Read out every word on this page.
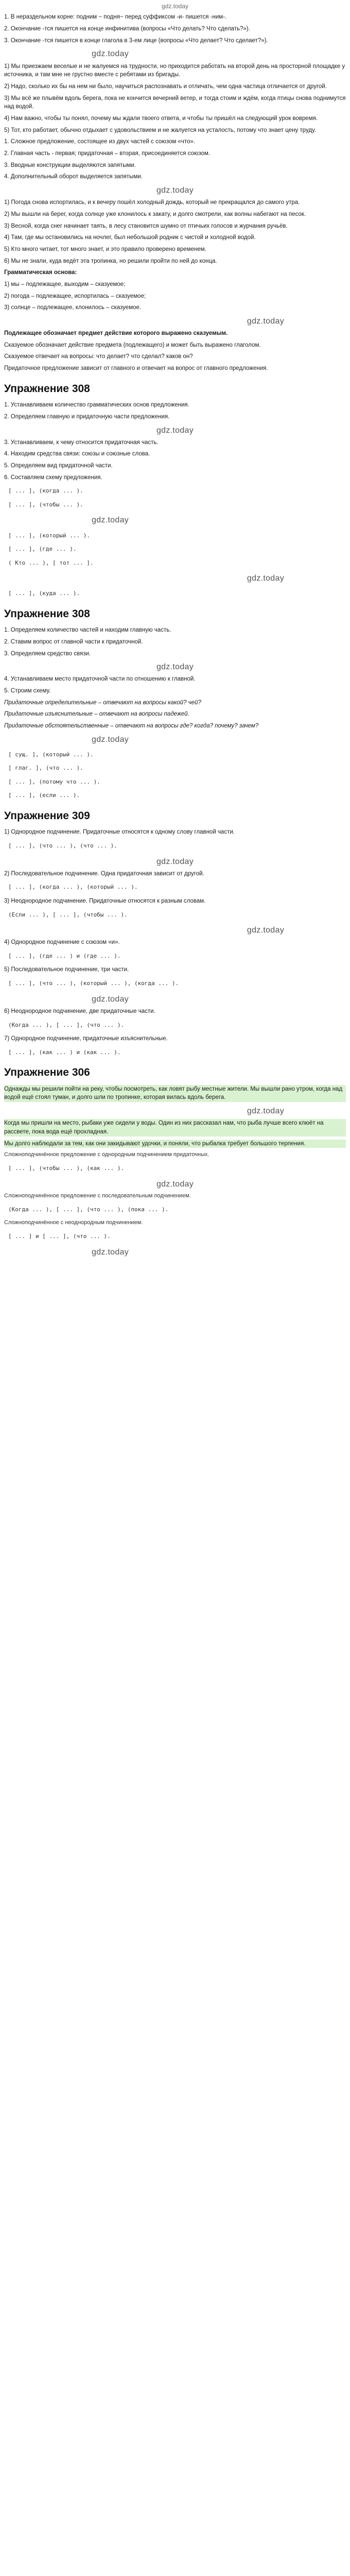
gdz.today

1. В нераздельном корне: подним − подня− перед суффиксом -и- пишется -ним-.

2. Окончание -тся пишется на конце инфинитива (вопросы «Что делать? Что сделать?»).

3. Окончание -тся пишется в конце глагола в 3-ем лице (вопросы «Что делает? Что сделает?»).

gdz.today

1) Мы приезжаем веселые и не жалуемся на трудности, но приходится работать на второй день на просторной площадке у источника, и там мне не грустно вместе с ребятами из бригады.

2) Надо, сколько их бы на нем ни было, научиться распознавать и отличать, чем одна частица отличается от другой.

3) Мы всё же плывём вдоль берега, пока не кончится вечерний ветер, и тогда стоим и ждём, когда птицы снова поднимутся над водой.

4) Нам важно, чтобы ты понял, почему мы ждали твоего ответа, и чтобы ты пришёл на следующий урок вовремя.

5) Тот, кто работает, обычно отдыхает с удовольствием и не жалуется на усталость, потому что знает цену труду.

1. Сложное предложение, состоящее из двух частей с союзом «что».

2. Главная часть - первая; придаточная – вторая, присоединяется союзом.

3. Вводные конструкции выделяются запятыми.

4. Дополнительный оборот выделяется запятыми.

gdz.today

1) Погода снова испортилась, и к вечеру пошёл холодный дождь, который не прекращался до самого утра.

2) Мы вышли на берег, когда солнце уже клонилось к закату, и долго смотрели, как волны набегают на песок.

3) Весной, когда снег начинает таять, в лесу становится шумно от птичьих голосов и журчания ручьёв.

4) Там, где мы остановились на ночлег, был небольшой родник с чистой и холодной водой.

5) Кто много читает, тот много знает, и это правило проверено временем.

6) Мы не знали, куда ведёт эта тропинка, но решили пройти по ней до конца.

Грамматическая основа:

1) мы – подлежащее, выходим – сказуемое;

2) погода – подлежащее, испортилась – сказуемое;

3) солнце – подлежащее, клонилось – сказуемое.

gdz.today

Подлежащее обозначает предмет действие которого выражено сказуемым.

Сказуемое обозначает действие предмета (подлежащего) и может быть выражено глаголом.

Сказуемое отвечает на вопросы: что делает? что сделал? каков он?

Придаточное предложение зависит от главного и отвечает на вопрос от главного предложения.

Упражнение 308

1. Устанавливаем количество грамматических основ предложения.

2. Определяем главную и придаточную части предложения.

gdz.today

3. Устанавливаем, к чему относится придаточная часть.

4. Находим средства связи: союзы и союзные слова.

5. Определяем вид придаточной части.

6. Составляем схему предложения.

[ ... ], (когда ... ).
[ ... ], (чтобы ... ).
gdz.today
[ ... ], (который ... ).
[ ... ], (где ... ).
( Кто ... ), [ тот ... ].
gdz.today
[ ... ], (куда ... ).
Упражнение 308

1. Определяем количество частей и находим главную часть.

2. Ставим вопрос от главной части к придаточной.

3. Определяем средство связи.

gdz.today

4. Устанавливаем место придаточной части по отношению к главной.

5. Строим схему.

Придаточные определительные – отвечают на вопросы какой? чей?

Придаточные изъяснительные – отвечают на вопросы падежей.

Придаточные обстоятельственные – отвечают на вопросы где? когда? почему? зачем?

gdz.today
[ сущ. ], (который ... ).
[ глаг. ], (что ... ).
[ ... ], (потому что ... ).
[ ... ], (если ... ).
Упражнение 309

1) Однородное подчинение. Придаточные относятся к одному слову главной части.

[ ... ], (что ... ), (что ... ).
gdz.today

2) Последовательное подчинение. Одна придаточная зависит от другой.

[ ... ], (когда ... ), (который ... ).

3) Неоднородное подчинение. Придаточные относятся к разным словам.

(Если ... ), [ ... ], (чтобы ... ).
gdz.today

4) Однородное подчинение с союзом «и».

[ ... ], (где ... ) и (где ... ).

5) Последовательное подчинение, три части.

[ ... ], (что ... ), (который ... ), (когда ... ).
gdz.today

6) Неоднородное подчинение, две придаточные части.

(Когда ... ), [ ... ], (что ... ).

7) Однородное подчинение, придаточные изъяснительные.

[ ... ], (как ... ) и (как ... ).
Упражнение 306

Однажды мы решили пойти на реку, чтобы посмотреть, как ловят рыбу местные жители. Мы вышли рано утром, когда над водой ещё стоял туман, и долго шли по тропинке, которая вилась вдоль берега.

gdz.today

Когда мы пришли на место, рыбаки уже сидели у воды. Один из них рассказал нам, что рыба лучше всего клюёт на рассвете, пока вода ещё прохладная.

Мы долго наблюдали за тем, как они закидывают удочки, и поняли, что рыбалка требует большого терпения.

Сложноподчинённое предложение с однородным подчинением придаточных.

[ ... ], (чтобы ... ), (как ... ).
gdz.today

Сложноподчинённое предложение с последовательным подчинением.

(Когда ... ), [ ... ], (что ... ), (пока ... ).

Сложноподчинённое с неоднородным подчинением.

[ ... ] и [ ... ], (что ... ).
gdz.today
